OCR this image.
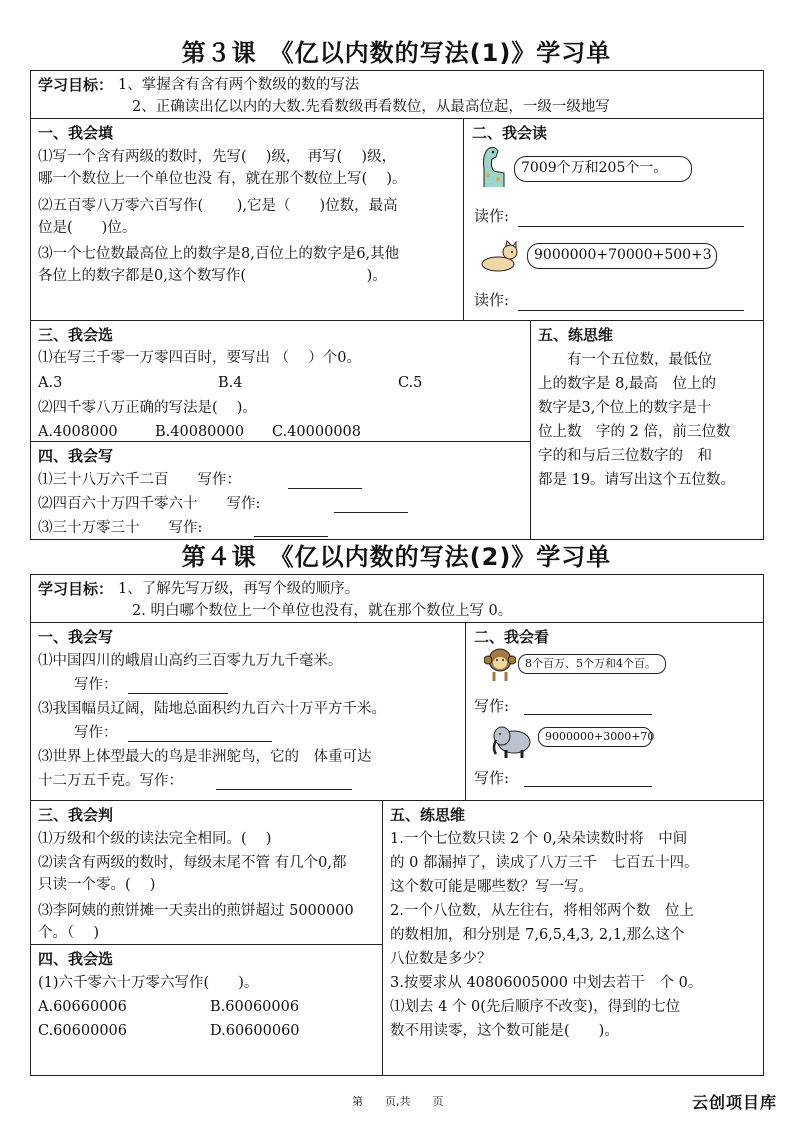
第３课　《亿以内数的写法(1)》学习单
学习目标： 1、掌握含有含有两个数级的数的写法
2、正确读出亿以内的大数.先看数级再看数位，从最高位起，一级一级地写
一、我会填
⑴写一个含有两级的数时，先写(　 )级，　再写(　 )级，
哪一个数位上一个单位也没 有，就在那个数位上写(　 )。
⑵五百零八万零六百写作(　　 ),它是（　　)位数，最高
位是(　　)位。
⑶一个七位数最高位上的数字是8,百位上的数字是6,其他
各位上的数字都是0,这个数写作(　　　　　　　　 )。
二、我会读
7009个万和205个一。
读作:
9000000+70000+500+3
读作:
三、我会选
⑴在写三千零一万零四百时，要写出 （　 ）个0。
A.3	B.4	C.5
⑵四千零八万正确的写法是(　 )。
A.4008000	B.40080000 C.40000008
四、我会写
⑴三十八万六千二百　　写作：
⑵四百六十万四千零六十　　写作:
⑶三十万零三十　　写作:
五、练思维
　　有一个五位数，最低位
上的数字是 8,最高　位上的
数字是3,个位上的数字是十
位上数　字的 2 倍，前三位数
字的和与后三位数字的　和
都是 19。请写出这个五位数。
第４课　《亿以内数的写法(2)》学习单
学习目标： 1、了解先写万级，再写个级的顺序。
2. 明白哪个数位上一个单位也没有，就在那个数位上写 0。
一、我会写
⑴中国四川的峨眉山高约三百零九万九千毫米。
写作：
⑶我国幅员辽阔，陆地总面积约九百六十万平方千米。
写作：
⑶世界上体型最大的鸟是非洲鸵鸟，它的　体重可达
十二万五千克。写作：
二、我会看
8个百万、5个万和4个百。
写作:
9000000+3000+70
写作:
三、我会判
⑴万级和个级的读法完全相同。(　 )
⑵读含有两级的数时，每级末尾不管 有几个0,都
只读一个零。(　 )
⑶李阿姨的煎饼摊一天卖出的煎饼超过 5000000
个。（　 )
四、我会选
(1)六千零六十万零六写作(　　)。
A.60660006	B.60060006
C.60600006	D.60600060
五、练思维
1.一个七位数只读 2 个 0,朵朵读数时将　中间
的 0 都漏掉了，读成了八万三千　七百五十四。
这个数可能是哪些数？写一写。
2.一个八位数，从左往右，将相邻两个数　位上
的数相加，和分别是 7,6,5,4,3, 2,1,那么这个
八位数是多少？
3.按要求从 40806005000 中划去若干　个 0。
⑴划去 4 个 0(先后顺序不改变)，得到的七位
数不用读零，这个数可能是(　　)。
第　　页,共　　页	云创项目库
